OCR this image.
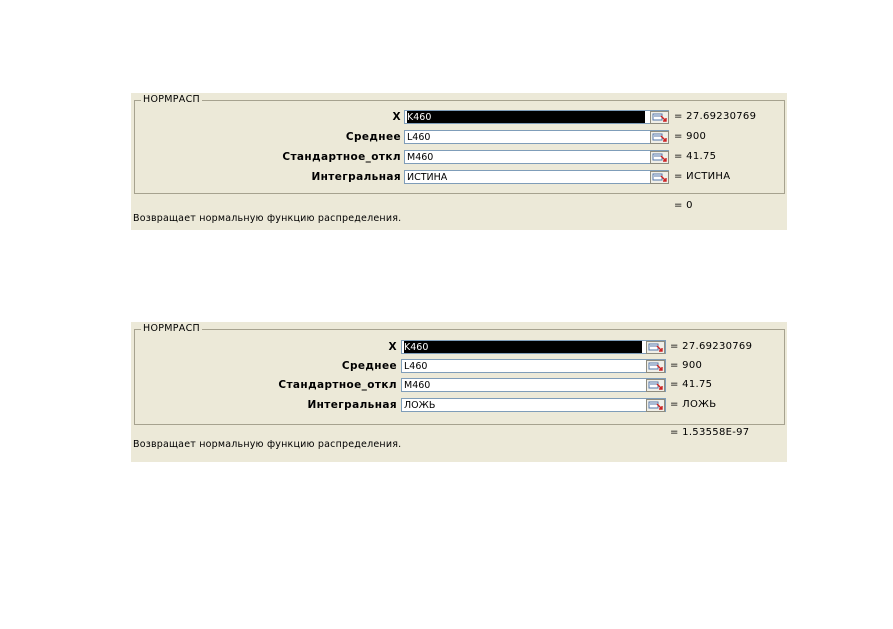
НОРМРАСП
X K460	= 27.69230769
Среднее L460	= 900
Стандартное_откл M460	= 41.75
Интегральная ИСТИНА	= ИСТИНА
= 0
Возвращает нормальную функцию распределения.
НОРМРАСП
X K460	= 27.69230769
Среднее L460	= 900
Стандартное_откл M460	= 41.75
Интегральная ЛОЖЬ	= ЛОЖЬ
= 1.53558E-97
Возвращает нормальную функцию распределения.
